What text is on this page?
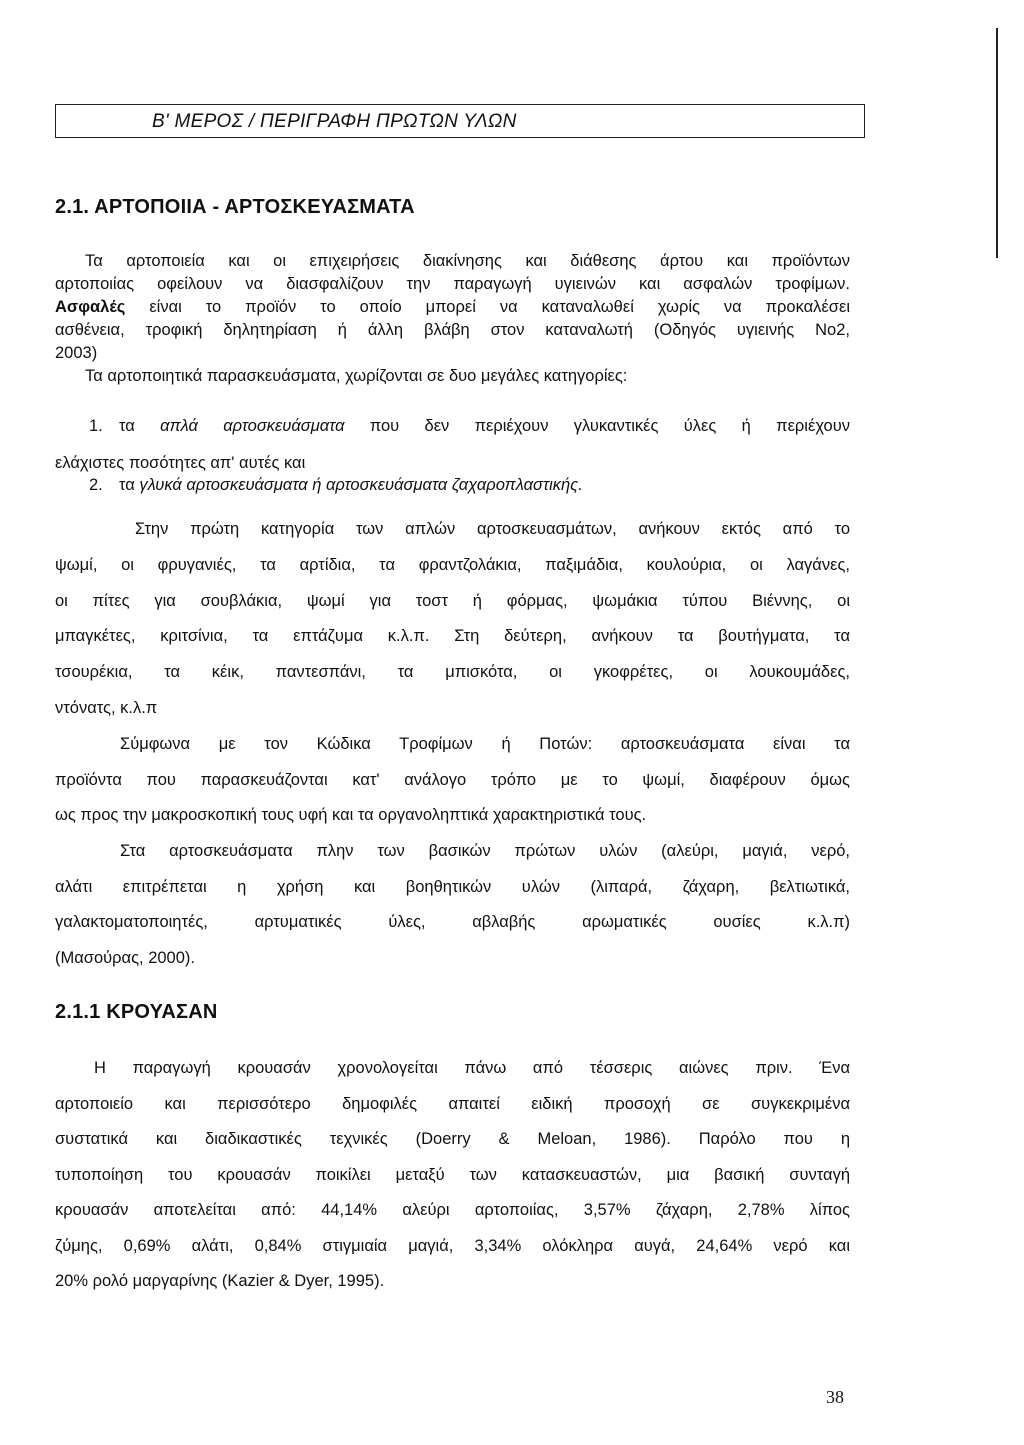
Β' ΜΕΡΟΣ / ΠΕΡΙΓΡΑΦΗ ΠΡΩΤΩΝ ΥΛΩΝ
2.1. ΑΡΤΟΠΟΙΙΑ - ΑΡΤΟΣΚΕΥΑΣΜΑΤΑ
Τα αρτοποιεία και οι επιχειρήσεις διακίνησης και διάθεσης άρτου και προϊόντων
αρτοποιίας οφείλουν να διασφαλίζουν την παραγωγή υγιεινών και ασφαλών τροφίμων.
Ασφαλές είναι το προϊόν το οποίο μπορεί να καταναλωθεί χωρίς να προκαλέσει
ασθένεια, τροφική δηλητηρίαση ή άλλη βλάβη στον καταναλωτή (Οδηγός υγιεινής Νο2,
2003)
Τα αρτοποιητικά παρασκευάσματα, χωρίζονται σε δυο μεγάλες κατηγορίες:
1. τα απλά αρτοσκευάσματα που δεν περιέχουν γλυκαντικές ύλες ή περιέχουν
ελάχιστες ποσότητες απ' αυτές και
2. τα γλυκά αρτοσκευάσματα ή αρτοσκευάσματα ζαχαροπλαστικής.
Στην πρώτη κατηγορία των απλών αρτοσκευασμάτων, ανήκουν εκτός από το
ψωμί, οι φρυγανιές, τα αρτίδια, τα φραντζολάκια, παξιμάδια, κουλούρια, οι λαγάνες,
οι πίτες για σουβλάκια, ψωμί για τοστ ή φόρμας, ψωμάκια τύπου Βιέννης, οι
μπαγκέτες, κριτσίνια, τα επτάζυμα κ.λ.π. Στη δεύτερη, ανήκουν τα βουτήγματα, τα
τσουρέκια, τα κέικ, παντεσπάνι, τα μπισκότα, οι γκοφρέτες, οι λουκουμάδες,
ντόνατς, κ.λ.π
Σύμφωνα με τον Κώδικα Τροφίμων ή Ποτών: αρτοσκευάσματα είναι τα
προϊόντα που παρασκευάζονται κατ' ανάλογο τρόπο με το ψωμί, διαφέρουν όμως
ως προς την μακροσκοπική τους υφή και τα οργανοληπτικά χαρακτηριστικά τους.
Στα αρτοσκευάσματα πλην των βασικών πρώτων υλών (αλεύρι, μαγιά, νερό,
αλάτι επιτρέπεται η χρήση και βοηθητικών υλών (λιπαρά, ζάχαρη, βελτιωτικά,
γαλακτοματοποιητές, αρτυματικές ύλες, αβλαβής αρωματικές ουσίες κ.λ.π)
(Μασούρας, 2000).
2.1.1 ΚΡΟΥΑΣΑΝ
Η παραγωγή κρουασάν χρονολογείται πάνω από τέσσερις αιώνες πριν. Ένα
αρτοποιείο και περισσότερο δημοφιλές απαιτεί ειδική προσοχή σε συγκεκριμένα
συστατικά και διαδικαστικές τεχνικές (Doerry & Meloan, 1986). Παρόλο που η
τυποποίηση του κρουασάν ποικίλει μεταξύ των κατασκευαστών, μια βασική συνταγή
κρουασάν αποτελείται από: 44,14% αλεύρι αρτοποιίας, 3,57% ζάχαρη, 2,78% λίπος
ζύμης, 0,69% αλάτι, 0,84% στιγμιαία μαγιά, 3,34% ολόκληρα αυγά, 24,64% νερό και
20% ρολό μαργαρίνης (Kazier & Dyer, 1995).
38
